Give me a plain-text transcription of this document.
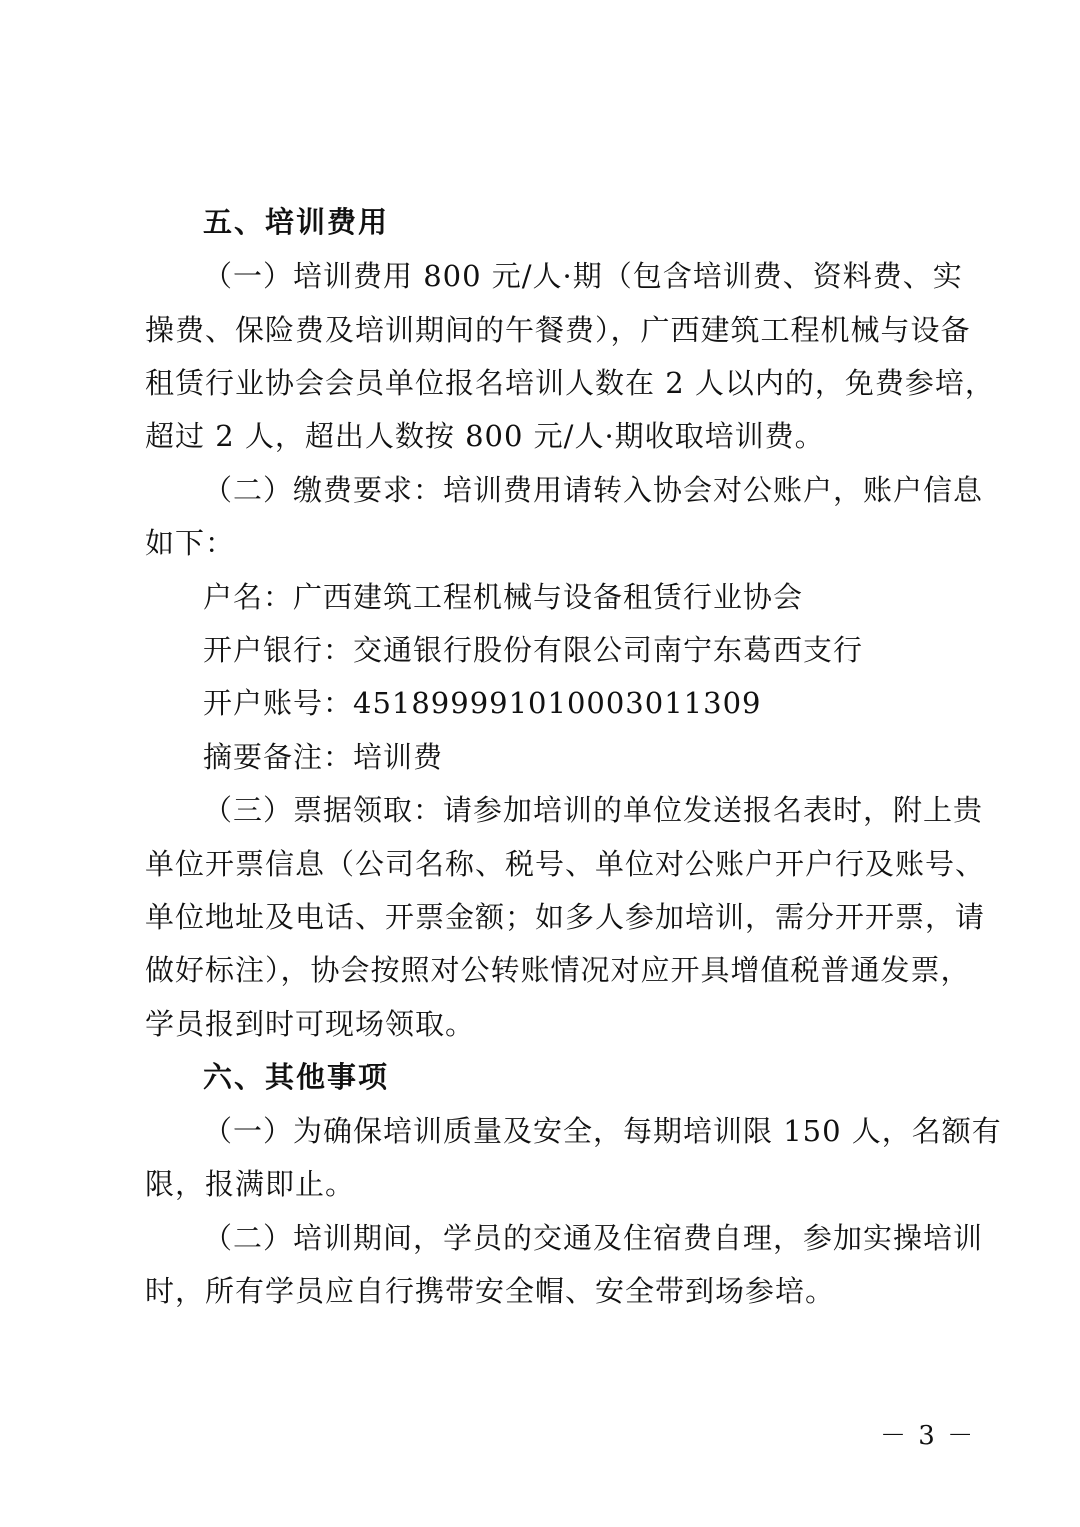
五、培训费用
（一）培训费用 800 元/人·期（包含培训费、资料费、实
操费、保险费及培训期间的午餐费），广西建筑工程机械与设备
租赁行业协会会员单位报名培训人数在 2 人以内的，免费参培，
超过 2 人，超出人数按 800 元/人·期收取培训费。
（二）缴费要求：培训费用请转入协会对公账户，账户信息
如下：
户名：广西建筑工程机械与设备租赁行业协会
开户银行：交通银行股份有限公司南宁东葛西支行
开户账号：451899991010003011309
摘要备注：培训费
（三）票据领取：请参加培训的单位发送报名表时，附上贵
单位开票信息（公司名称、税号、单位对公账户开户行及账号、
单位地址及电话、开票金额；如多人参加培训，需分开开票，请
做好标注），协会按照对公转账情况对应开具增值税普通发票，
学员报到时可现场领取。
六、其他事项
（一）为确保培训质量及安全，每期培训限 150 人，名额有
限，报满即止。
（二）培训期间，学员的交通及住宿费自理，参加实操培训
时，所有学员应自行携带安全帽、安全带到场参培。
－ 3 －
